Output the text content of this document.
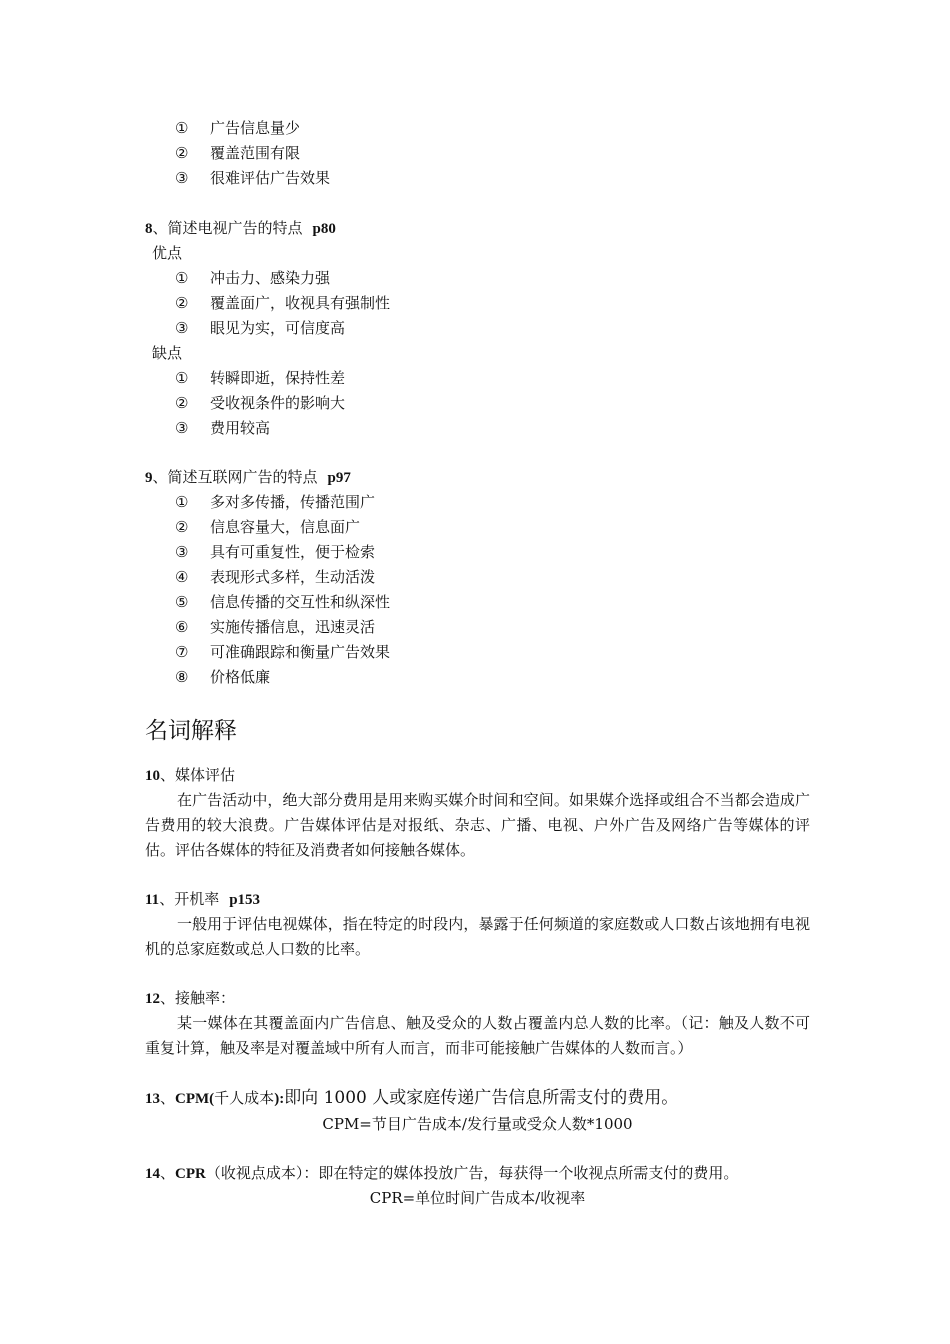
① 广告信息量少
② 覆盖范围有限
③ 很难评估广告效果
8、简述电视广告的特点 p80
优点
① 冲击力、感染力强
② 覆盖面广，收视具有强制性
③ 眼见为实，可信度高
缺点
① 转瞬即逝，保持性差
② 受收视条件的影响大
③ 费用较高
9、简述互联网广告的特点 p97
① 多对多传播，传播范围广
② 信息容量大，信息面广
③ 具有可重复性，便于检索
④ 表现形式多样，生动活泼
⑤ 信息传播的交互性和纵深性
⑥ 实施传播信息，迅速灵活
⑦ 可准确跟踪和衡量广告效果
⑧ 价格低廉
名词解释
10、媒体评估
在广告活动中，绝大部分费用是用来购买媒介时间和空间。如果媒介选择或组合不当都会造成广告费用的较大浪费。广告媒体评估是对报纸、杂志、广播、电视、户外广告及网络广告等媒体的评估。评估各媒体的特征及消费者如何接触各媒体。
11、开机率 p153
一般用于评估电视媒体，指在特定的时段内，暴露于任何频道的家庭数或人口数占该地拥有电视机的总家庭数或总人口数的比率。
12、接触率：
某一媒体在其覆盖面内广告信息、触及受众的人数占覆盖内总人数的比率。（记：触及人数不可重复计算，触及率是对覆盖域中所有人而言，而非可能接触广告媒体的人数而言。）
13、CPM(千人成本):即向 1000 人或家庭传递广告信息所需支付的费用。
CPM=节目广告成本/发行量或受众人数*1000
14、CPR（收视点成本）：即在特定的媒体投放广告，每获得一个收视点所需支付的费用。
CPR=单位时间广告成本/收视率
